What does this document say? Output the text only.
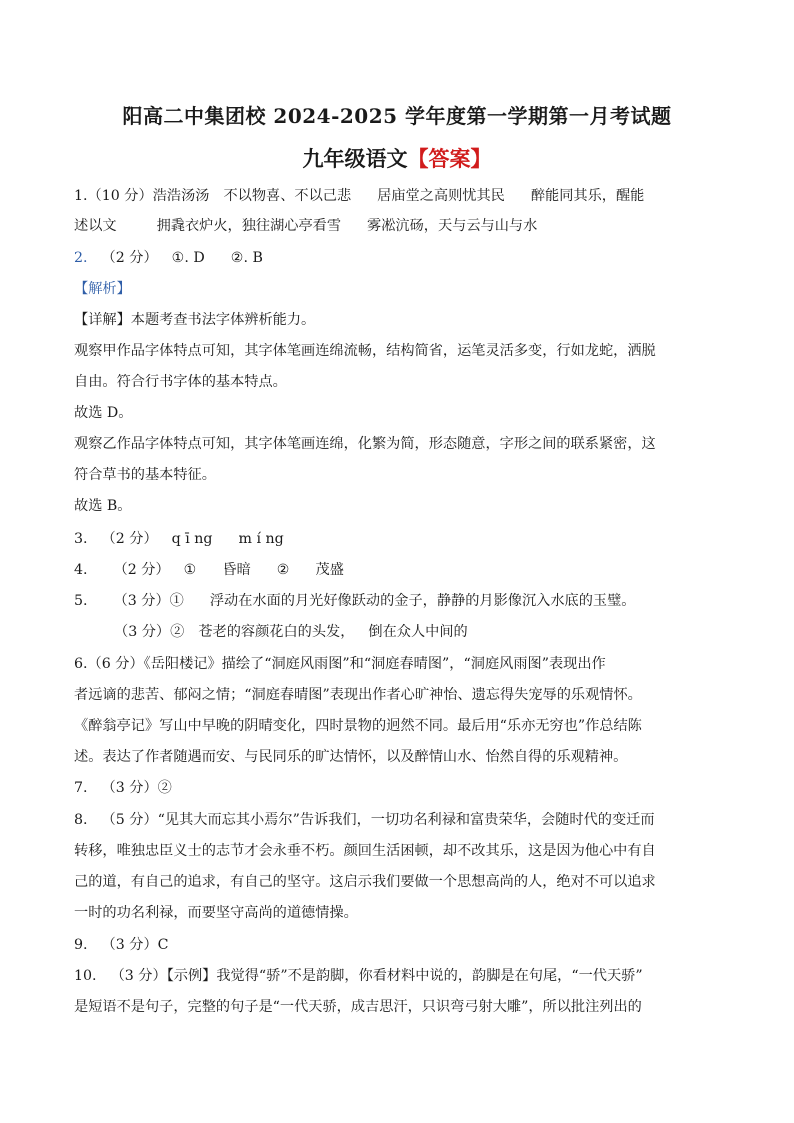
阳高二中集团校 2024-2025 学年度第一学期第一月考试题
九年级语文【答案】
1.（10 分）浩浩汤汤 不以物喜、不以己悲 居庙堂之高则忧其民 醉能同其乐，醒能
述以文	拥毳衣炉火，独往湖心亭看雪 雾凇沆砀，天与云与山与水
2. （2 分） ①. D ②. B
【解析】
【详解】本题考查书法字体辨析能力。
观察甲作品字体特点可知，其字体笔画连绵流畅，结构简省，运笔灵活多变，行如龙蛇，洒脱
自由。符合行书字体的基本特点。
故选 D。
观察乙作品字体特点可知，其字体笔画连绵，化繁为简，形态随意，字形之间的联系紧密，这
符合草书的基本特征。
故选 B。
3. （2 分） q ī ng m í ng
4. （2 分） ① 昏暗 ② 茂盛
5. （3 分）① 浮动在水面的月光好像跃动的金子，静静的月影像沉入水底的玉璧。
（3 分）② 苍老的容颜花白的头发， 倒在众人中间的
6.（6 分）《岳阳楼记》描绘了“洞庭风雨图”和“洞庭春晴图”，“洞庭风雨图”表现出作
者远谪的悲苦、郁闷之情；“洞庭春晴图”表现出作者心旷神怡、遗忘得失宠辱的乐观情怀。
《醉翁亭记》写山中早晚的阴晴变化，四时景物的迥然不同。最后用“乐亦无穷也”作总结陈
述。表达了作者随遇而安、与民同乐的旷达情怀，以及醉情山水、怡然自得的乐观精神。
7. （3 分）②
8. （5 分）“见其大而忘其小焉尔”告诉我们，一切功名利禄和富贵荣华，会随时代的变迁而
转移，唯独忠臣义士的志节才会永垂不朽。颜回生活困顿，却不改其乐，这是因为他心中有自
己的道，有自己的追求，有自己的坚守。这启示我们要做一个思想高尚的人，绝对不可以追求
一时的功名利禄，而要坚守高尚的道德情操。
9. （3 分）C
10. （3 分）【示例】我觉得“骄”不是韵脚，你看材料中说的，韵脚是在句尾，“一代天骄”
是短语不是句子，完整的句子是“一代天骄，成吉思汗，只识弯弓射大雕”，所以批注列出的
